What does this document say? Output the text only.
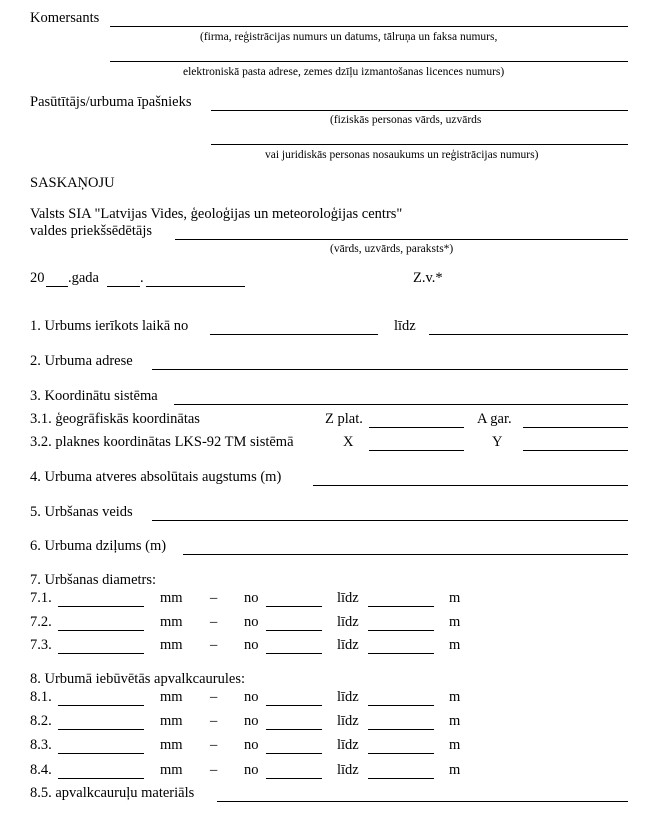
Komersants
(firma, reģistrācijas numurs un datums, tālruņa un faksa numurs,
elektroniskā pasta adrese, zemes dzīļu izmantošanas licences numurs)
Pasūtītājs/urbuma īpašnieks
(fiziskās personas vārds, uzvārds
vai juridiskās personas nosaukums un reģistrācijas numurs)
SASKAŅOJU
Valsts SIA "Latvijas Vides, ģeoloģijas un meteoroloģijas centrs"
valdes priekšsēdētājs
(vārds, uzvārds, paraksts*)
20 .gada	.	Z.v.*
1. Urbums ierīkots laikā no	līdz
2. Urbuma adrese
3. Koordinātu sistēma
3.1. ģeogrāfiskās koordinātas	Z plat.	A gar.
3.2. plaknes koordinātas LKS-92 TM sistēmā	X	Y
4. Urbuma atveres absolūtais augstums (m)
5. Urbšanas veids
6. Urbuma dziļums (m)
7. Urbšanas diametrs:
7.1.	mm – no	līdz	m
7.2.	mm – no	līdz	m
7.3.	mm – no	līdz	m
8. Urbumā iebūvētās apvalkcaurules:
8.1.	mm – no	līdz	m
8.2.	mm – no	līdz	m
8.3.	mm – no	līdz	m
8.4.	mm – no	līdz	m
8.5. apvalkcauruļu materiāls
